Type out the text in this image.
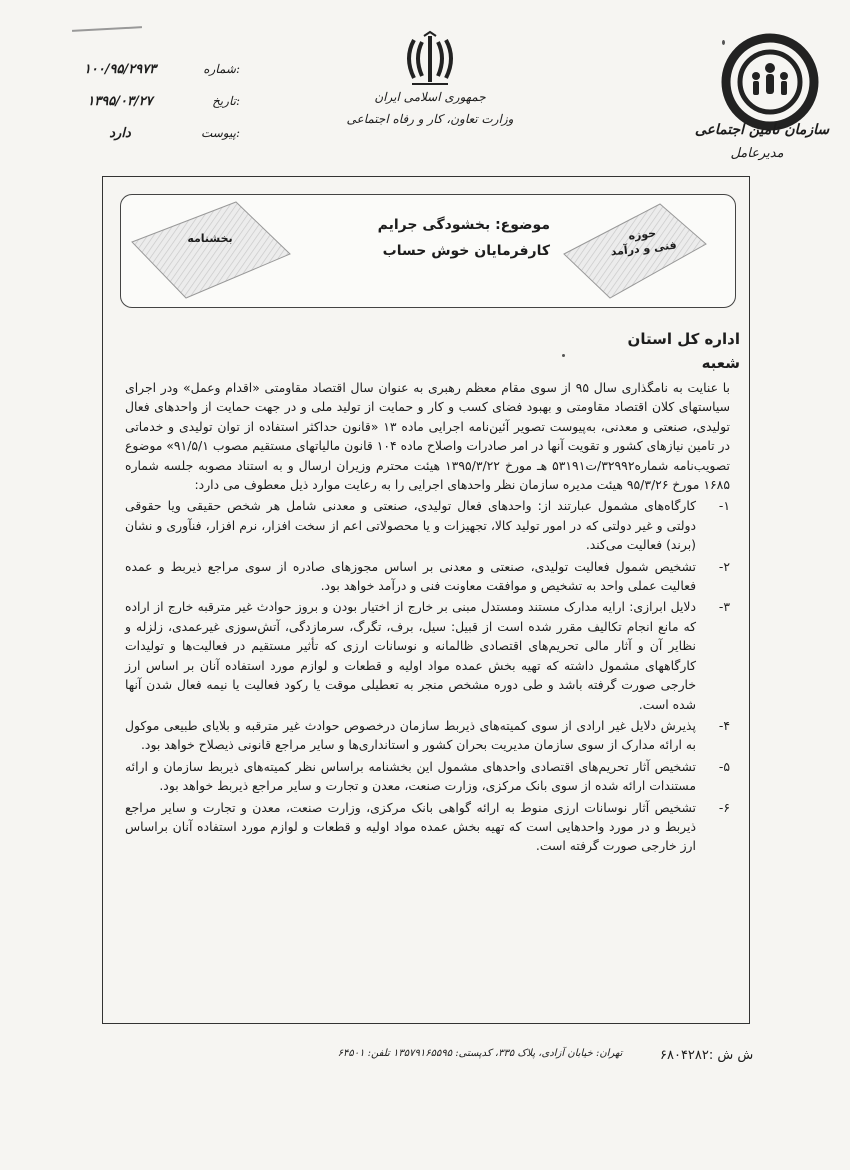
سازمان تامین اجتماعی
مدیرعامل
جمهوری اسلامی ایران
وزارت تعاون، کار و رفاه اجتماعی
شماره:
۱۰۰/۹۵/۲۹۷۳
تاریخ:
۱۳۹۵/۰۳/۲۷
پیوست:
دارد
حوزه
فنی و درآمد
بخشنامه
موضوع: بخشودگی جرایم
کارفرمایان خوش حساب
اداره کل استان
شعبه

با عنایت به نامگذاری سال ۹۵ از سوی مقام معظم رهبری به عنوان سال اقتصاد مقاومتی «اقدام وعمل» ودر اجرای سیاستهای کلان اقتصاد مقاومتی و بهبود فضای کسب و کار و حمایت از تولید ملی و در جهت حمایت از واحدهای فعال تولیدی، صنعتی و معدنی، به‌پیوست تصویر آئین‌نامه اجرایی ماده ۱۳ «قانون حداکثر استفاده از توان تولیدی و خدماتی در تامین نیازهای کشور و تقویت آنها در امر صادرات واصلاح ماده ۱۰۴ قانون مالیاتهای مستقیم مصوب ۹۱/۵/۱» موضوع تصویب‌نامه شماره۳۲۹۹۲/ت۵۳۱۹۱ هـ مورخ ۱۳۹۵/۳/۲۲ هیئت محترم وزیران ارسال و به استناد مصوبه جلسه شماره ۱۶۸۵ مورخ ۹۵/۳/۲۶ هیئت مدیره سازمان نظر واحدهای اجرایی را به رعایت موارد ذیل معطوف می دارد:

۱-
کارگاه‌های مشمول عبارتند از: واحدهای فعال تولیدی، صنعتی و معدنی شامل هر شخص حقیقی ویا حقوقی دولتی و غیر دولتی که در امور تولید کالا، تجهیزات و یا محصولاتی اعم از سخت افزار، نرم افزار، فنآوری و نشان (برند) فعالیت می‌کند.
۲-
تشخیص شمول فعالیت تولیدی، صنعتی و معدنی بر اساس مجوزهای صادره از سوی مراجع ذیربط و عمده فعالیت عملی واحد به تشخیص و موافقت معاونت فنی و درآمد خواهد بود.
۳-
دلایل ابرازی: ارایه مدارک مستند ومستدل مبنی بر خارج از اختیار بودن و بروز حوادث غیر مترقبه خارج از اراده که مانع انجام تکالیف مقرر شده است از قبیل: سیل، برف، تگرگ، سرمازدگی، آتش‌سوزی غیرعمدی، زلزله و نظایر آن و آثار مالی تحریم‌های اقتصادی ظالمانه و نوسانات ارزی که تأثیر مستقیم در فعالیت‌ها و تولیدات کارگاههای مشمول داشته که تهیه بخش عمده مواد اولیه و قطعات و لوازم مورد استفاده آنان بر اساس ارز خارجی صورت گرفته باشد و طی دوره مشخص منجر به تعطیلی موقت یا رکود فعالیت یا نیمه فعال شدن آنها شده است.
۴-
پذیرش دلایل غیر ارادی از سوی کمیته‌های ذیربط سازمان درخصوص حوادث غیر مترقبه و بلایای طبیعی موکول به ارائه مدارک از سوی سازمان مدیریت بحران کشور و استانداری‌ها و سایر مراجع قانونی ذیصلاح خواهد بود.
۵-
تشخیص آثار تحریم‌های اقتصادی واحدهای مشمول این بخشنامه براساس نظر کمیته‌های ذیربط سازمان و ارائه مستندات ارائه شده از سوی بانک مرکزی، وزارت صنعت، معدن و تجارت و سایر مراجع ذیربط خواهد بود.
۶-
تشخیص آثار نوسانات ارزی منوط به ارائه گواهی بانک مرکزی، وزارت صنعت، معدن و تجارت و سایر مراجع ذیربط و در مورد واحدهایی است که تهیه بخش عمده مواد اولیه و قطعات و لوازم مورد استفاده آنان براساس ارز خارجی صورت گرفته است.
ش ش :۶۸۰۴۲۸۲
تهران: خیابان آزادی، پلاک ۳۳۵، کدپستی: ۱۳۵۷۹۱۶۵۵۹۵ تلفن: ۶۴۵۰۱
